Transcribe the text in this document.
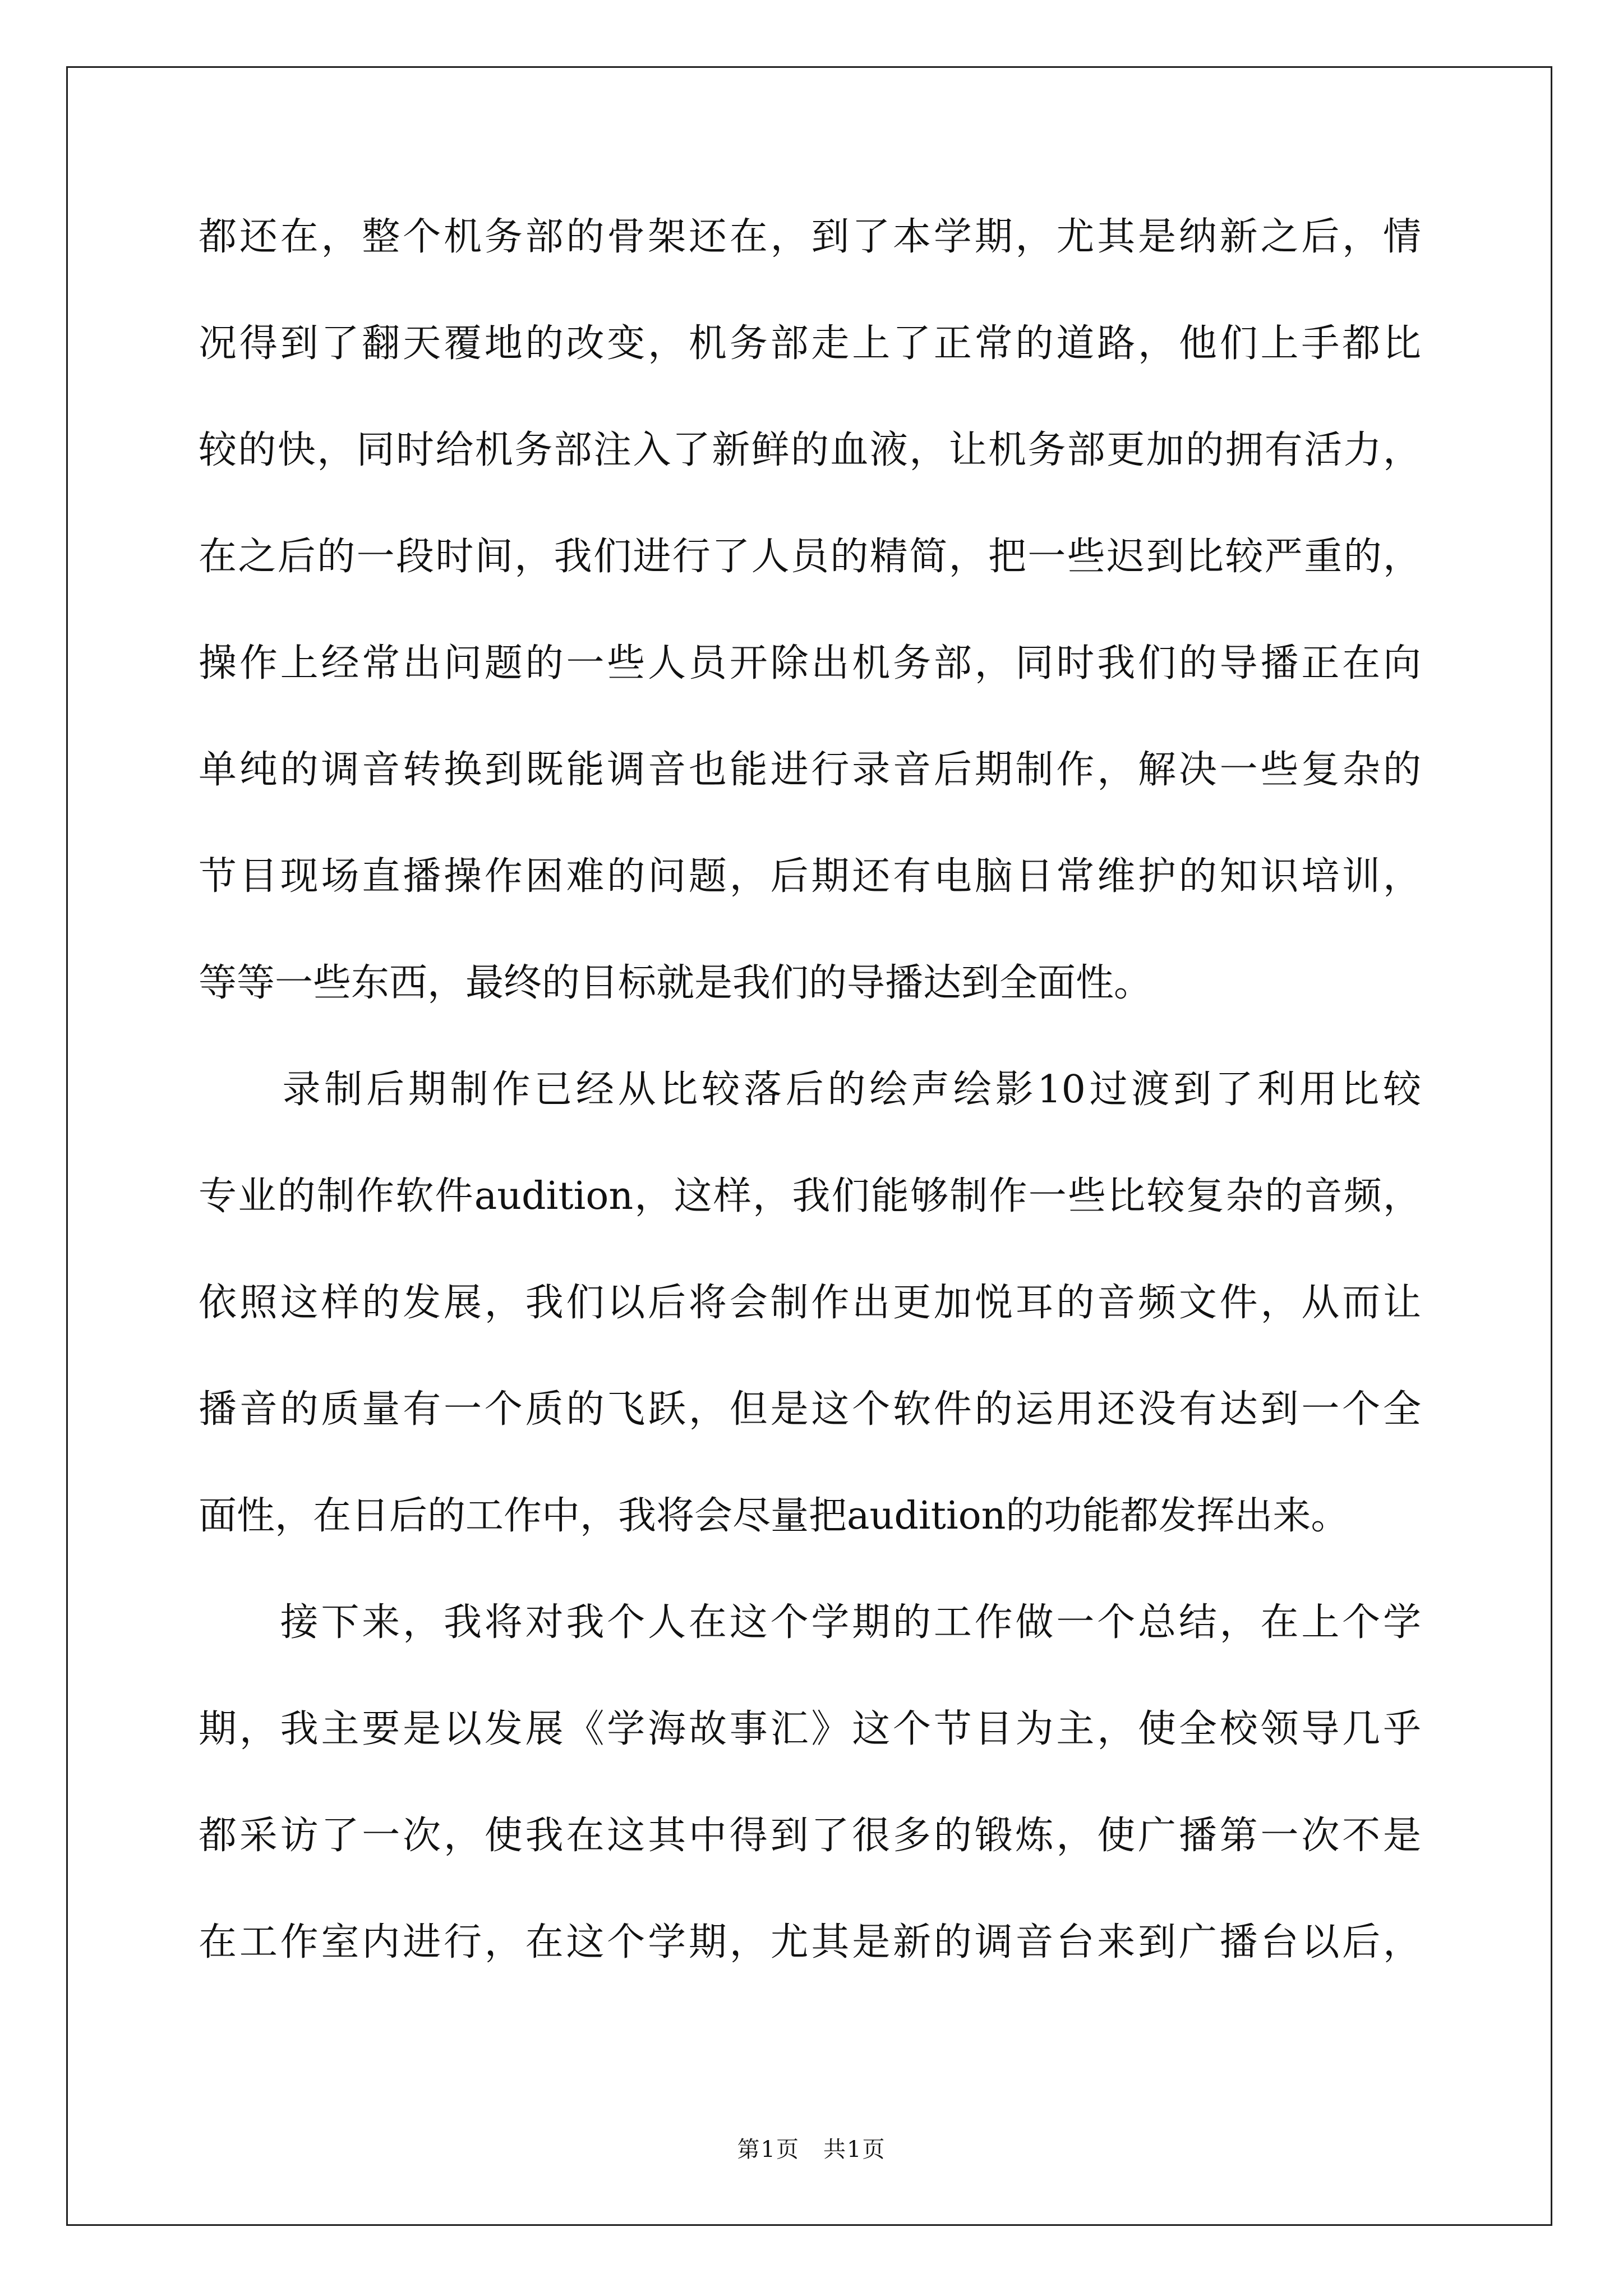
都还在，整个机务部的骨架还在，到了本学期，尤其是纳新之后，情
况得到了翻天覆地的改变，机务部走上了正常的道路，他们上手都比
较的快，同时给机务部注入了新鲜的血液，让机务部更加的拥有活力，
在之后的一段时间，我们进行了人员的精简，把一些迟到比较严重的，
操作上经常出问题的一些人员开除出机务部，同时我们的导播正在向
单纯的调音转换到既能调音也能进行录音后期制作，解决一些复杂的
节目现场直播操作困难的问题，后期还有电脑日常维护的知识培训，
等等一些东西，最终的目标就是我们的导播达到全面性。
　　录制后期制作已经从比较落后的绘声绘影10过渡到了利用比较
专业的制作软件audition，这样，我们能够制作一些比较复杂的音频，
依照这样的发展，我们以后将会制作出更加悦耳的音频文件，从而让
播音的质量有一个质的飞跃，但是这个软件的运用还没有达到一个全
面性，在日后的工作中，我将会尽量把audition的功能都发挥出来。
　　接下来，我将对我个人在这个学期的工作做一个总结，在上个学
期，我主要是以发展《学海故事汇》这个节目为主，使全校领导几乎
都采访了一次，使我在这其中得到了很多的锻炼，使广播第一次不是
在工作室内进行，在这个学期，尤其是新的调音台来到广播台以后，
第1页　共1页
